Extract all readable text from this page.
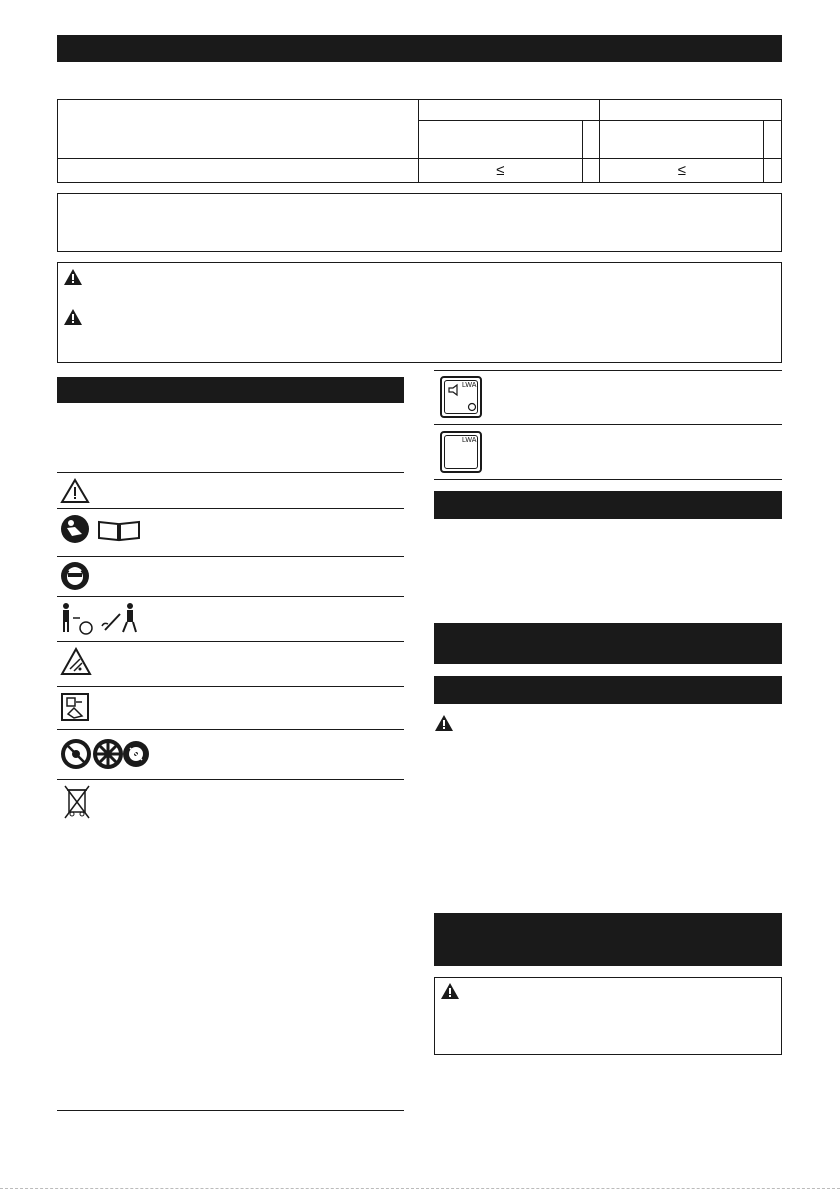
	≤		≤	
LWA
LWA
